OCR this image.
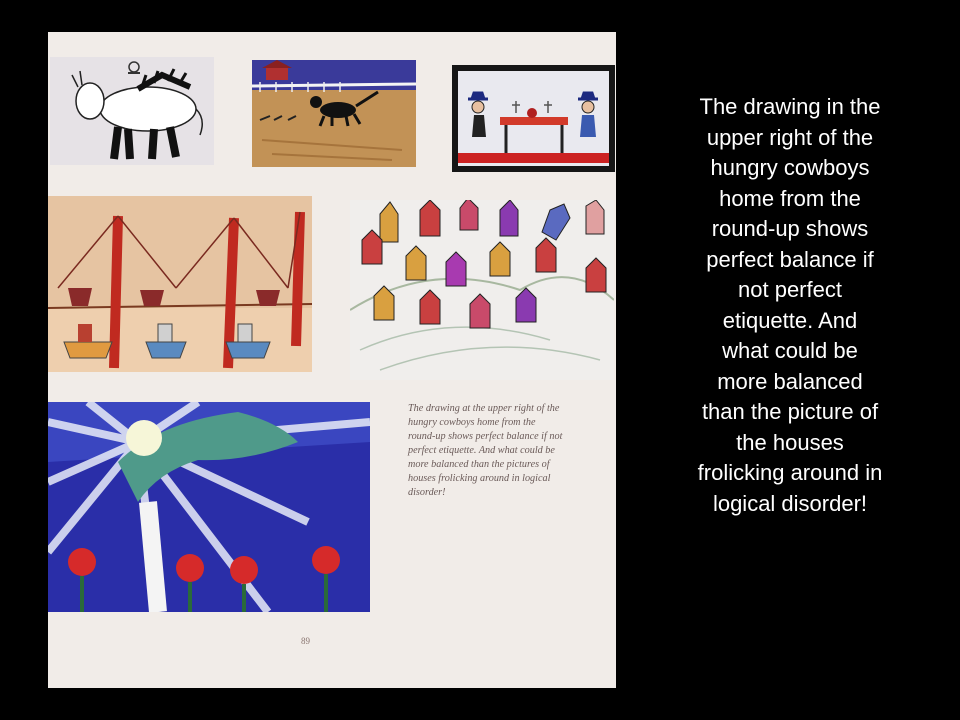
The drawing at the upper right of the
hungry cowboys home from the
round-up shows perfect balance if not
perfect etiquette. And what could be
more balanced than the pictures of
houses frolicking around in logical
disorder!
89
The drawing in the
upper right of the
hungry cowboys
home from the
round-up shows
perfect balance if
not perfect
etiquette. And
what could be
more balanced
than the picture of
the houses
frolicking around in
logical disorder!
